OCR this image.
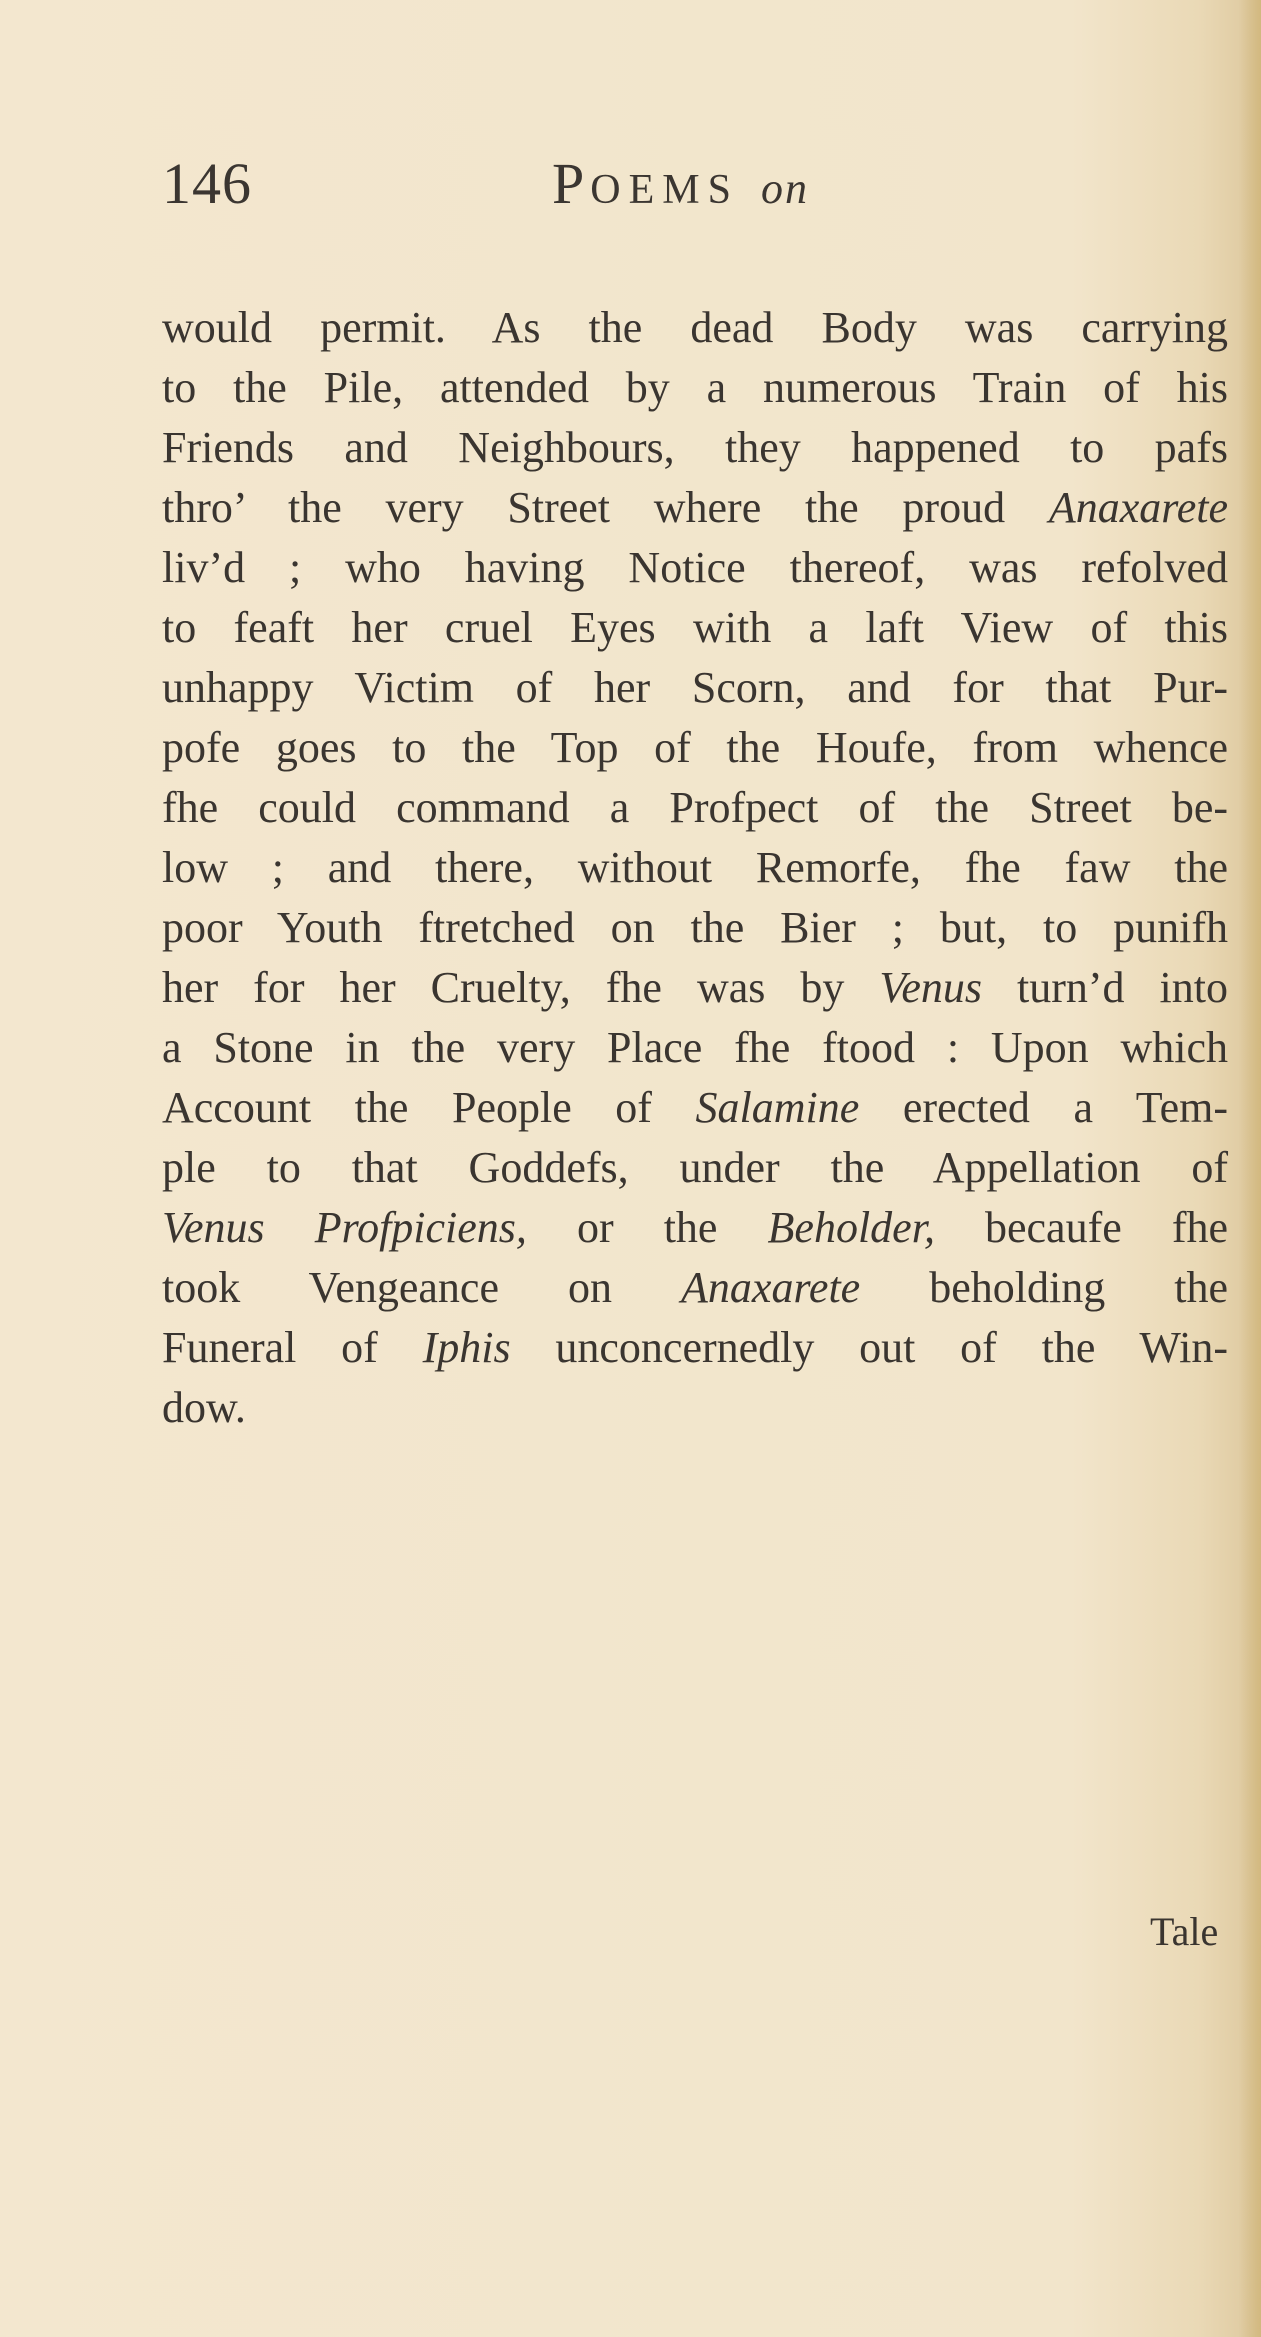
146	POEMS on
would permit. As the dead Body was carrying
to the Pile, attended by a numerous Train of his
Friends and Neighbours, they happened to pafs
thro’ the very Street where the proud Anaxarete
liv’d ; who having Notice thereof, was refolved
to feaft her cruel Eyes with a laft View of this
unhappy Victim of her Scorn, and for that Pur-
pofe goes to the Top of the Houfe, from whence
fhe could command a Profpect of the Street be-
low ; and there, without Remorfe, fhe faw the
poor Youth ftretched on the Bier ; but, to punifh
her for her Cruelty, fhe was by Venus turn’d into
a Stone in the very Place fhe ftood : Upon which
Account the People of Salamine erected a Tem-
ple to that Goddefs, under the Appellation of
Venus Profpiciens, or the Beholder, becaufe fhe
took Vengeance on Anaxarete beholding the
Funeral of Iphis unconcernedly out of the Win-
dow.
Tale
